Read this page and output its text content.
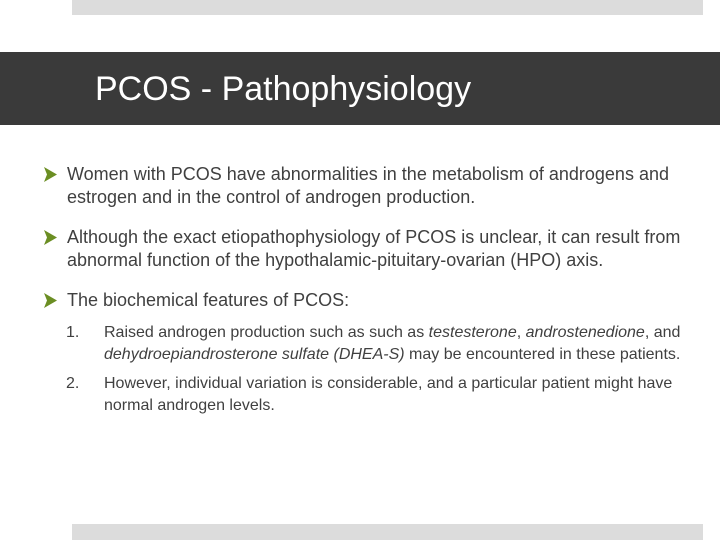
PCOS - Pathophysiology
Women with PCOS have abnormalities in the metabolism of androgens and estrogen and in the control of androgen production.
Although the exact etiopathophysiology of PCOS is unclear, it can result from abnormal function of the hypothalamic-pituitary-ovarian (HPO) axis.
The biochemical features of PCOS:
1. Raised androgen production such as such as testesterone, androstenedione, and dehydroepiandrosterone sulfate (DHEA-S) may be encountered in these patients.
2. However, individual variation is considerable, and a particular patient might have normal androgen levels.
